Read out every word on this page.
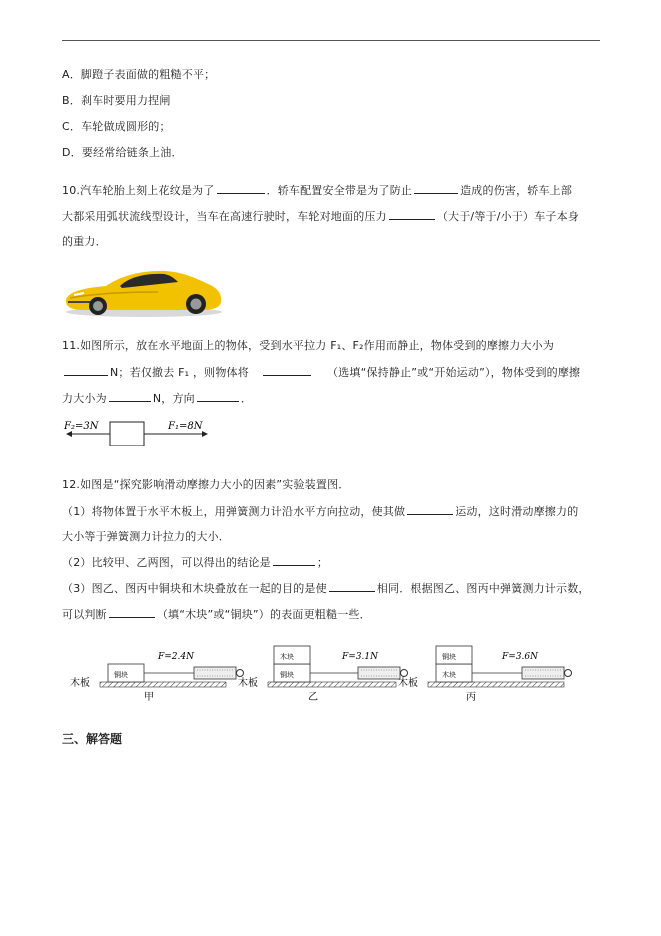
A．脚蹬子表面做的粗糙不平；
B．刹车时要用力捏闸
C．车轮做成圆形的；
D．要经常给链条上油．
10.汽车轮胎上刻上花纹是为了	．轿车配置安全带是为了防止	造成的伤害，轿车上部
大都采用弧状流线型设计，当车在高速行驶时，车轮对地面的压力	（大于/等于/小于）车子本身
的重力．
11.如图所示，放在水平地面上的物体，受到水平拉力 F₁、F₂作用而静止，物体受到的摩擦力大小为
N；若仅撤去 F₁ ，则物体将	（选填“保持静止”或“开始运动”），物体受到的摩擦
力大小为	N，方向	．
F₂=3N	F₁=8N
12.如图是“探究影响滑动摩擦力大小的因素”实验装置图．
（1）将物体置于水平木板上，用弹簧测力计沿水平方向拉动，使其做	运动，这时滑动摩擦力的
大小等于弹簧测力计拉力的大小．
（2）比较甲、乙两图，可以得出的结论是	；
（3）图乙、图丙中铜块和木块叠放在一起的目的是使	相同．根据图乙、图丙中弹簧测力计示数，
可以判断	（填“木块”或“铜块”）的表面更粗糙一些．
木板
铜块
F=2.4N
甲
木板
铜块
木块	F=3.1N
乙
木板
木块
铜块	F=3.6N
丙
三、解答题
